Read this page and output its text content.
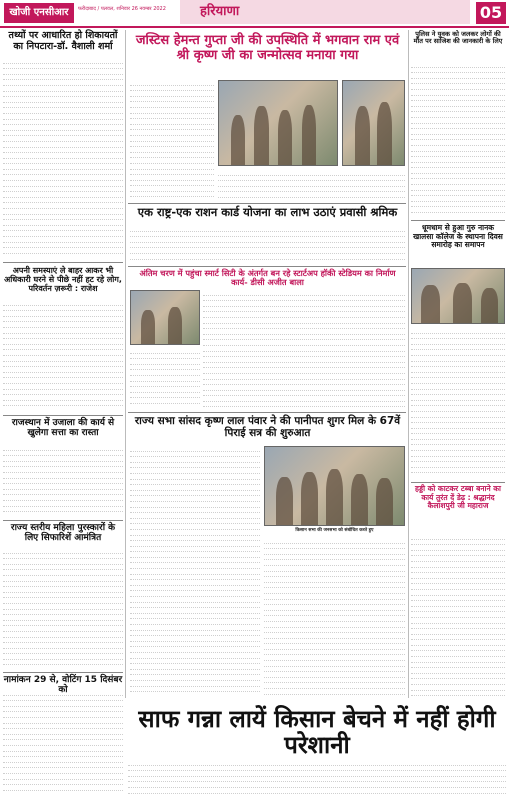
खोजी एनसीआर	फरीदाबाद / पलवल, शनिवार 26 नवम्बर 2022	हरियाणा	05
तथ्यों पर आधारित हो शिकायतों का निपटारा-डॉ. वैशाली शर्मा
अपनी समस्याएं ले बाहर आकर भी अधिकारी घरने से पीछे नहीं हट रहे लोग, परिवर्तन ज़रूरी : राजेश
राजस्थान में उजाला की कार्य से खुलेगा सत्ता का रास्ता
राज्य स्तरीय महिला पुरस्कारों के लिए सिफारिशें आमंत्रित
नामांकन 29 से, वोटिंग 15 दिसंबर को
जस्टिस हेमन्त गुप्ता जी की उपस्थिति में भगवान राम एवं श्री कृष्ण जी का जन्मोत्सव मनाया गया
एक राष्ट्र-एक राशन कार्ड योजना का लाभ उठाएं प्रवासी श्रमिक
अंतिम चरण में पहुंचा स्मार्ट सिटी के अंतर्गत बन रहे स्टार्टअप हॉकी स्टेडियम का निर्माण कार्य- डीसी अजीत बाला
राज्य सभा सांसद कृष्ण लाल पंवार ने की पानीपत शुगर मिल के 67वें पिराई सत्र की शुरुआत
किसान सभा की जनसभा को संबोधित करते हुए
पुलिस ने युवक को जलकर लोगों की मौत पर साजिश की जानकारी के लिए
धूमधाम से हुआ गुरु नानक खालसा कॉलेज के स्थापना दिवस समारोह का समापन
हड्डी को काटकर टब्बा बनाने का कार्य तुरंत दें डेढ़ : श्रद्धानंद कैलाशपुरी जी महाराज
साफ गन्ना लायें किसान बेचने में नहीं होगी परेशानी
